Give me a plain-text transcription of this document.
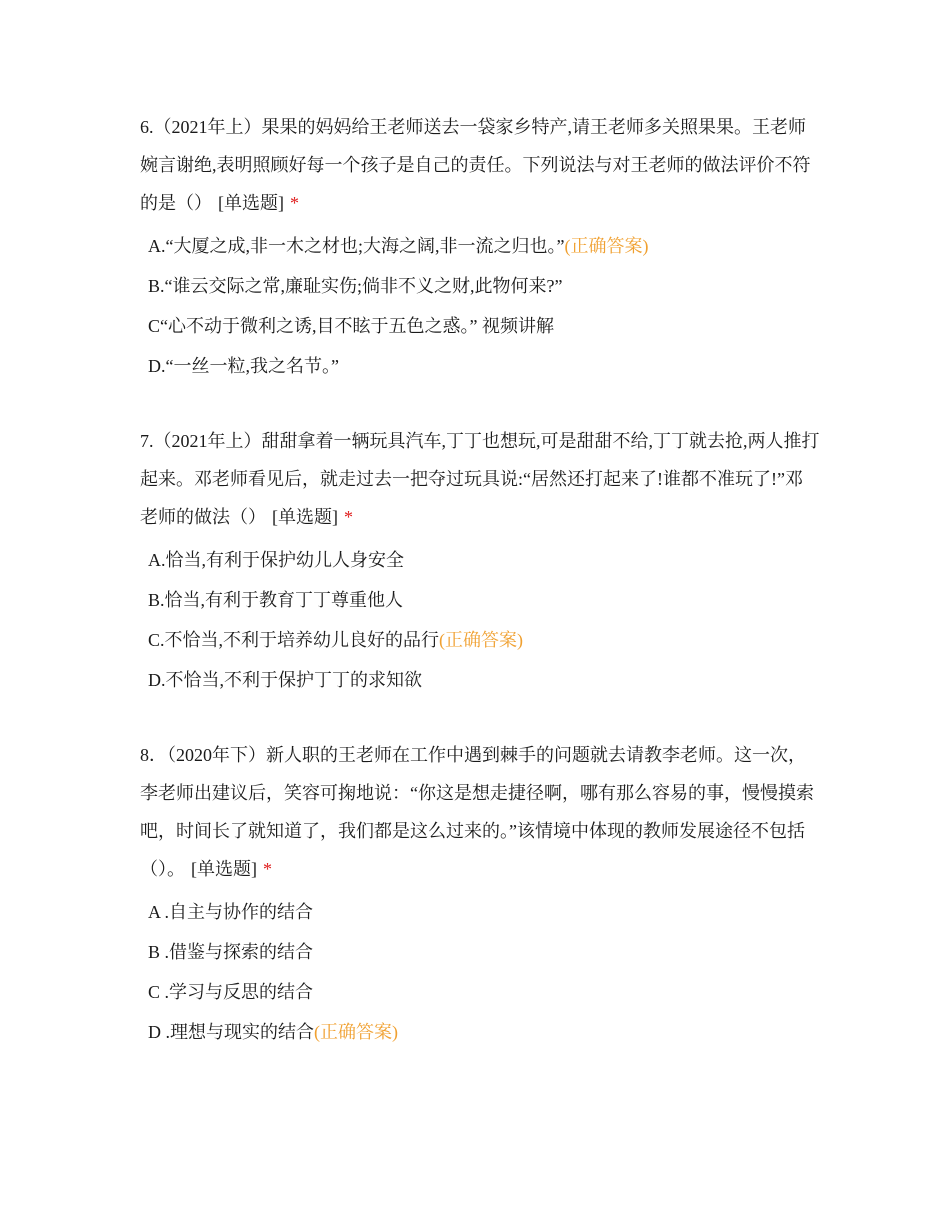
6.（2021年上）果果的妈妈给王老师送去一袋家乡特产,请王老师多关照果果。王老师婉言谢绝,表明照顾好每一个孩子是自己的责任。下列说法与对王老师的做法评价不符的是（） [单选题] *

A.“大厦之成,非一木之材也;大海之阔,非一流之归也。”(正确答案)
B.“谁云交际之常,廉耻实伤;倘非不义之财,此物何来?”
C“心不动于微利之诱,目不眩于五色之惑。” 视频讲解
D.“一丝一粒,我之名节。”

7.（2021年上）甜甜拿着一辆玩具汽车,丁丁也想玩,可是甜甜不给,丁丁就去抢,两人推打起来。邓老师看见后，就走过去一把夺过玩具说:“居然还打起来了!谁都不准玩了!”邓老师的做法（） [单选题] *

A.恰当,有利于保护幼儿人身安全
B.恰当,有利于教育丁丁尊重他人
C.不恰当,不利于培养幼儿良好的品行(正确答案)
D.不恰当,不利于保护丁丁的求知欲

8．（2020年下）新人职的王老师在工作中遇到棘手的问题就去请教李老师。这一次，李老师出建议后，笑容可掬地说：“你这是想走捷径啊，哪有那么容易的事，慢慢摸索吧，时间长了就知道了，我们都是这么过来的。”该情境中体现的教师发展途径不包括（）。 [单选题] *

A .自主与协作的结合
B .借鉴与探索的结合
C .学习与反思的结合
D .理想与现实的结合(正确答案)
